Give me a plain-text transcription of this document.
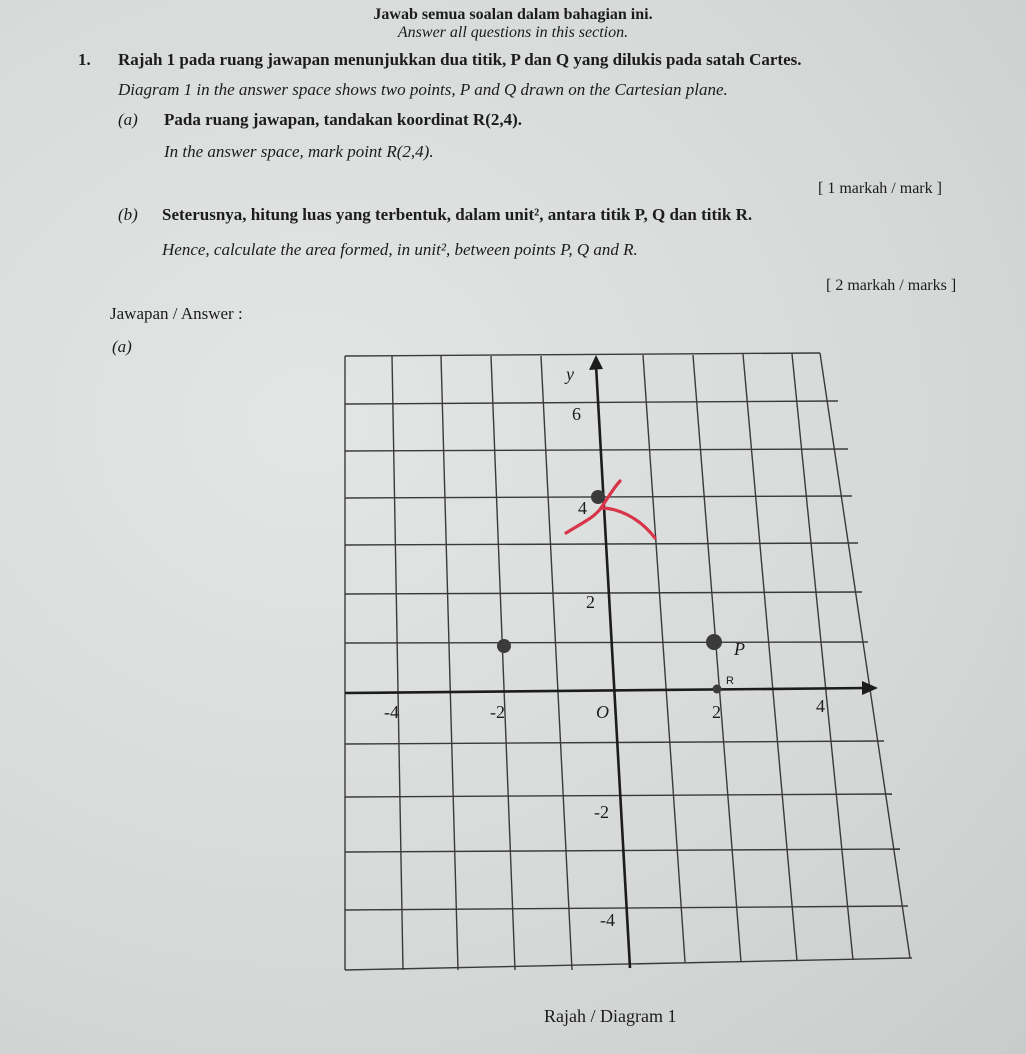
Jawab semua soalan dalam bahagian ini.
Answer all questions in this section.
1. Rajah 1 pada ruang jawapan menunjukkan dua titik, P dan Q yang dilukis pada satah Cartes.
Diagram 1 in the answer space shows two points, P and Q drawn on the Cartesian plane.
(a) Pada ruang jawapan, tandakan koordinat R(2,4).
In the answer space, mark point R(2,4).
[ 1 markah / mark ]
(b) Seterusnya, hitung luas yang terbentuk, dalam unit², antara titik P, Q dan titik R.
Hence, calculate the area formed, in unit², between points P, Q and R.
[ 2 markah / marks ]
Jawapan / Answer :
(a)
y
6
4
2
-2
-4
-4	-2	O	2	4
P
R
Rajah / Diagram 1
